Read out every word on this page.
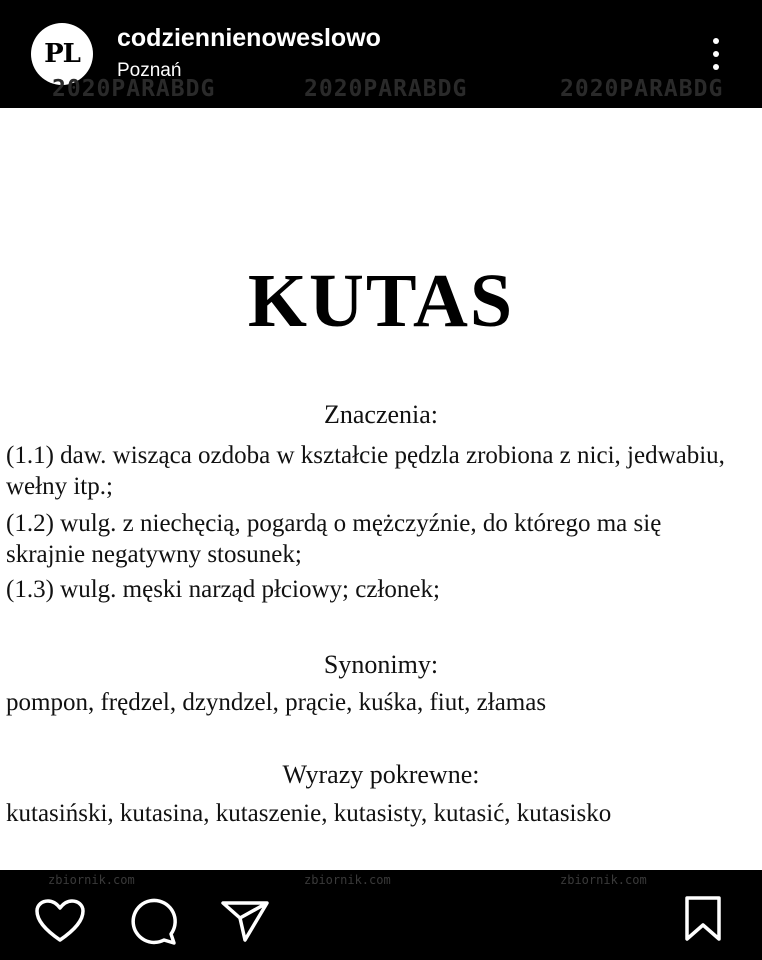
PL
codziennienoweslowo
Poznań
2020PARABDG	2020PARABDG	2020PARABDG
KUTAS
Znaczenia:

(1.1) daw. wisząca ozdoba w kształcie pędzla zrobiona z nici, jedwabiu, wełny itp.;

(1.2) wulg. z niechęcią, pogardą o mężczyźnie, do którego ma się skrajnie negatywny stosunek;

(1.3) wulg. męski narząd płciowy; członek;

Synonimy:

pompon, frędzel, dzyndzel, prącie, kuśka, fiut, złamas

Wyrazy pokrewne:

kutasiński, kutasina, kutaszenie, kutasisty, kutasić, kutasisko

zbiornik.com	zbiornik.com	zbiornik.com
